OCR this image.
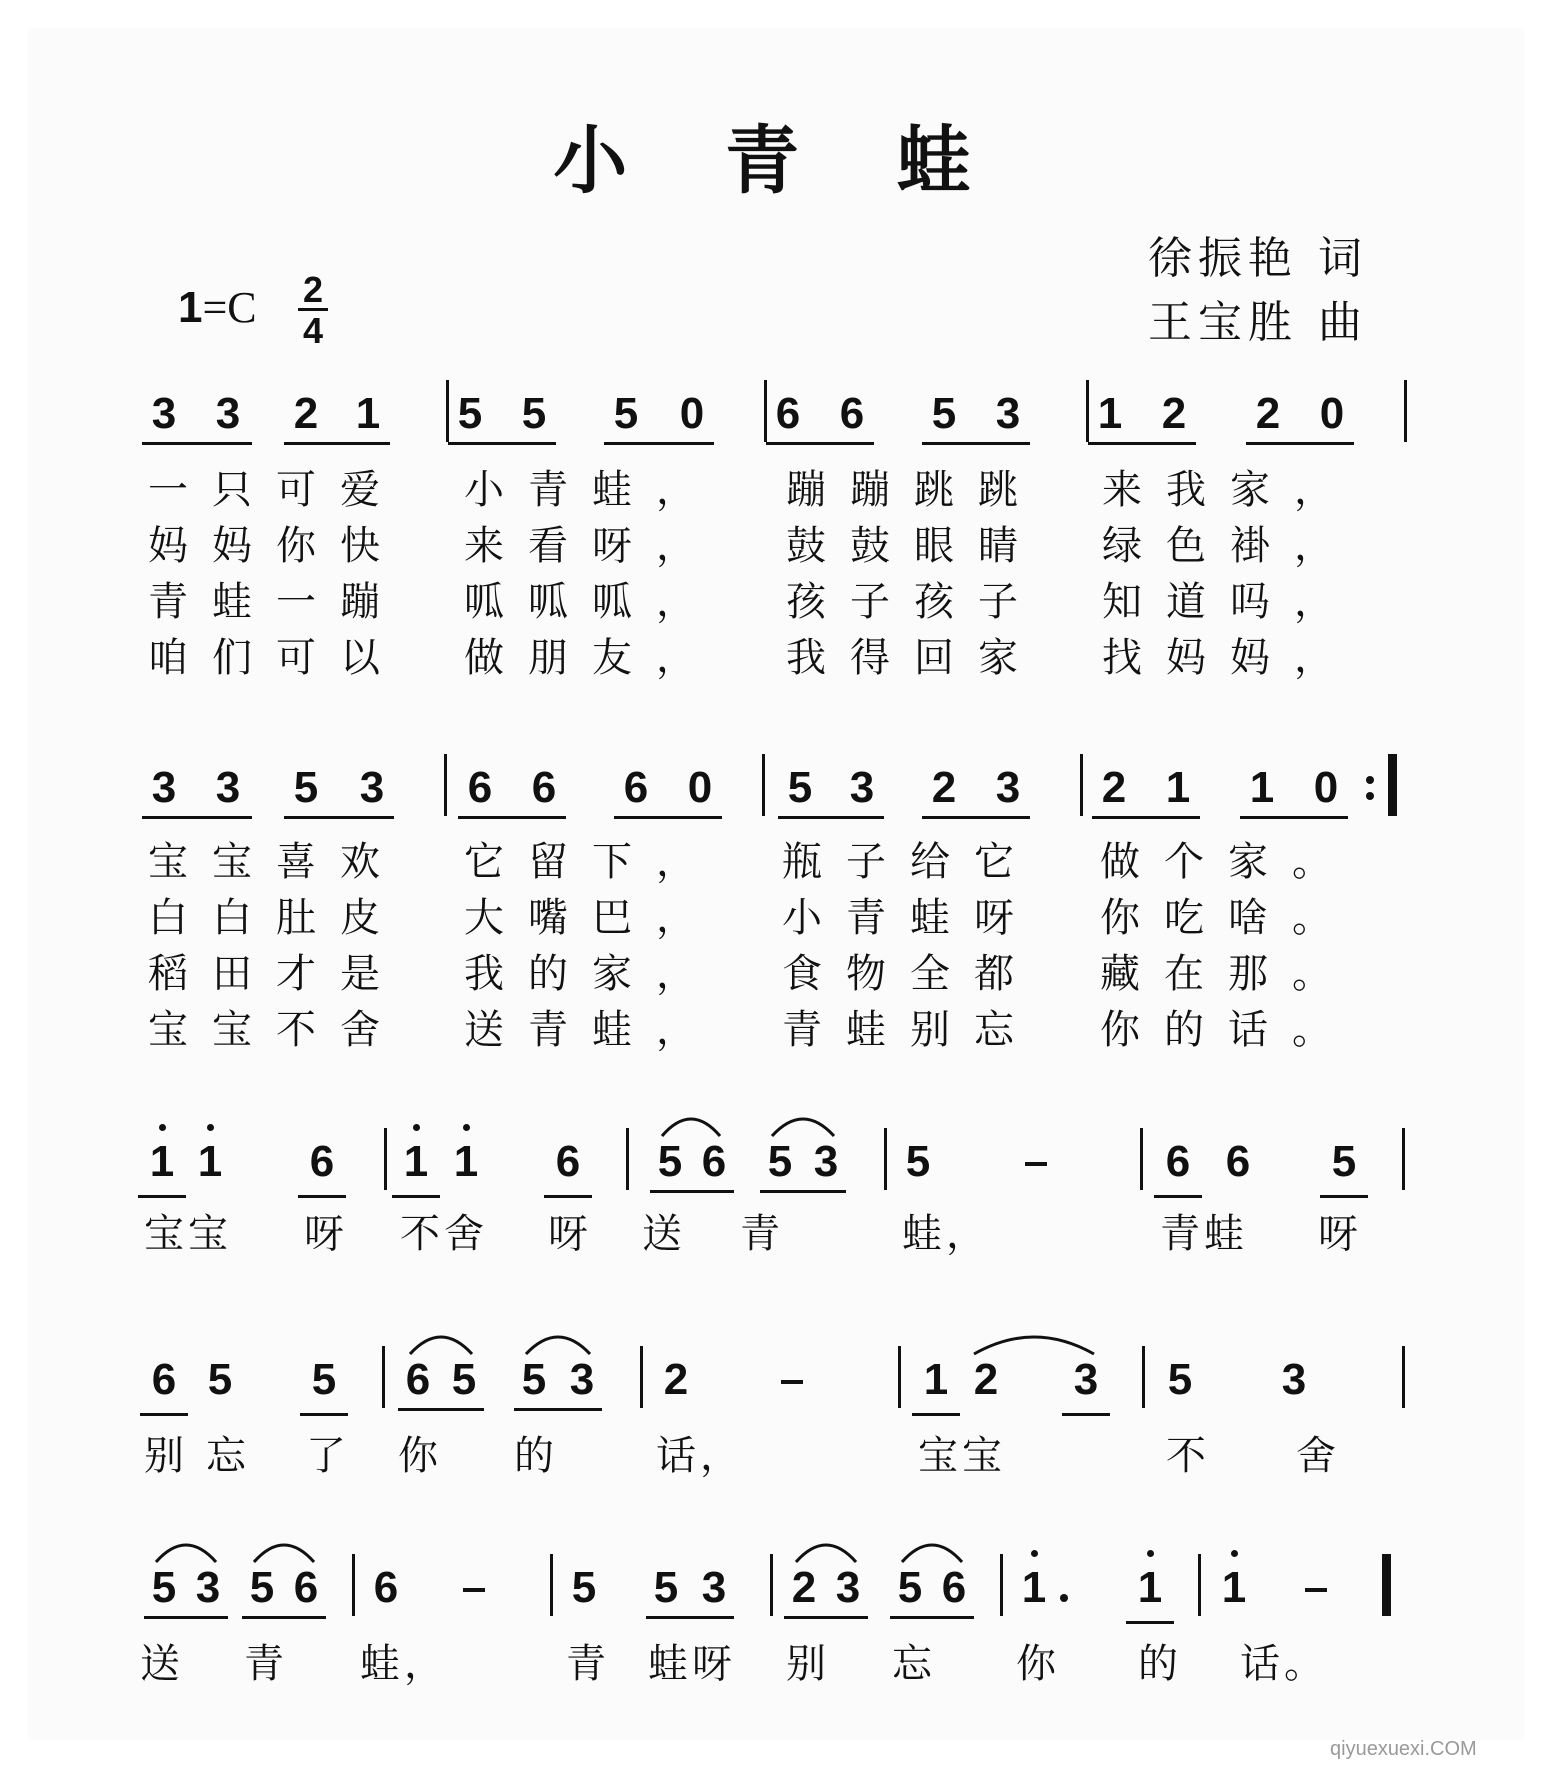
小 青 蛙
徐振艳 词
王宝胜 曲
$1=C \frac{2}{4}$
qiyuexuexi.COM
3 3 2 1 5 5 5 0 6 6 5 3 1 2 2 0
一只可爱 小青蛙， 蹦蹦跳跳 来我家，
妈妈你快 来看呀， 鼓鼓眼睛 绿色褂，
青蛙一蹦 呱呱呱， 孩子孩子 知道吗，
咱们可以 做朋友， 我得回家 找妈妈，
3 3 5 3 6 6 6 0 5 3 2 3 2 1 1 0
宝宝喜欢 它留下， 瓶子给它 做个家。
白白肚皮 大嘴巴， 小青蛙呀 你吃啥。
稻田才是 我的家， 食物全都 藏在那。
宝宝不舍 送青蛙， 青蛙别忘 你的话。
1 1 6 1 1 6 5 6 5 3 5	6 6 5
宝宝 呀 不舍 呀 送 青	蛙，	青蛙 呀
6 5 5 6 5 5 3 2	1 2 3 5 3
别 忘 了 你 的 话，	宝宝	不 舍
5 3 5 6 6	5 5 3 2 3 5 6 1 1 1
送 青 蛙，	青 蛙呀 别 忘 你 的 话。
